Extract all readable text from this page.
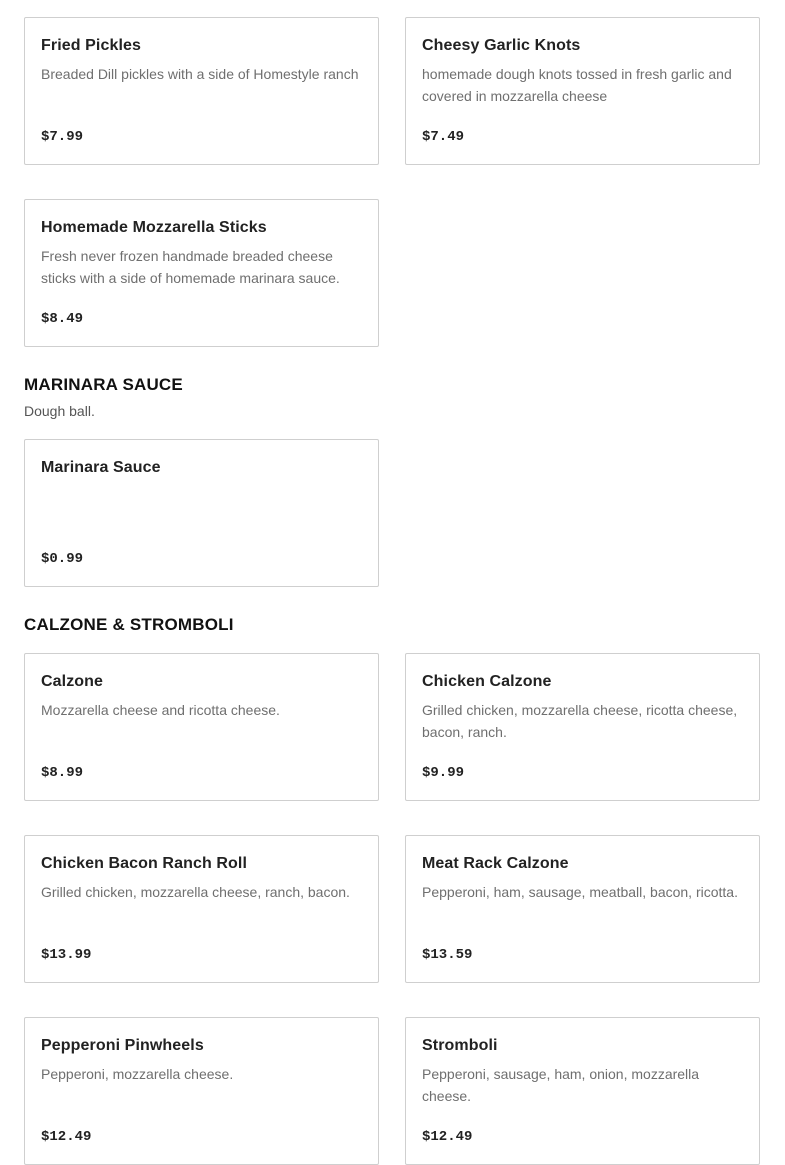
Fried Pickles
Breaded Dill pickles with a side of Homestyle ranch
$7.99
Cheesy Garlic Knots
homemade dough knots tossed in fresh garlic and covered in mozzarella cheese
$7.49
Homemade Mozzarella Sticks
Fresh never frozen handmade breaded cheese sticks with a side of homemade marinara sauce.
$8.49
MARINARA SAUCE

Dough ball.

Marinara Sauce
$0.99
CALZONE & STROMBOLI
Calzone
Mozzarella cheese and ricotta cheese.
$8.99
Chicken Calzone
Grilled chicken, mozzarella cheese, ricotta cheese, bacon, ranch.
$9.99
Chicken Bacon Ranch Roll
Grilled chicken, mozzarella cheese, ranch, bacon.
$13.99
Meat Rack Calzone
Pepperoni, ham, sausage, meatball, bacon, ricotta.
$13.59
Pepperoni Pinwheels
Pepperoni, mozzarella cheese.
$12.49
Stromboli
Pepperoni, sausage, ham, onion, mozzarella cheese.
$12.49
